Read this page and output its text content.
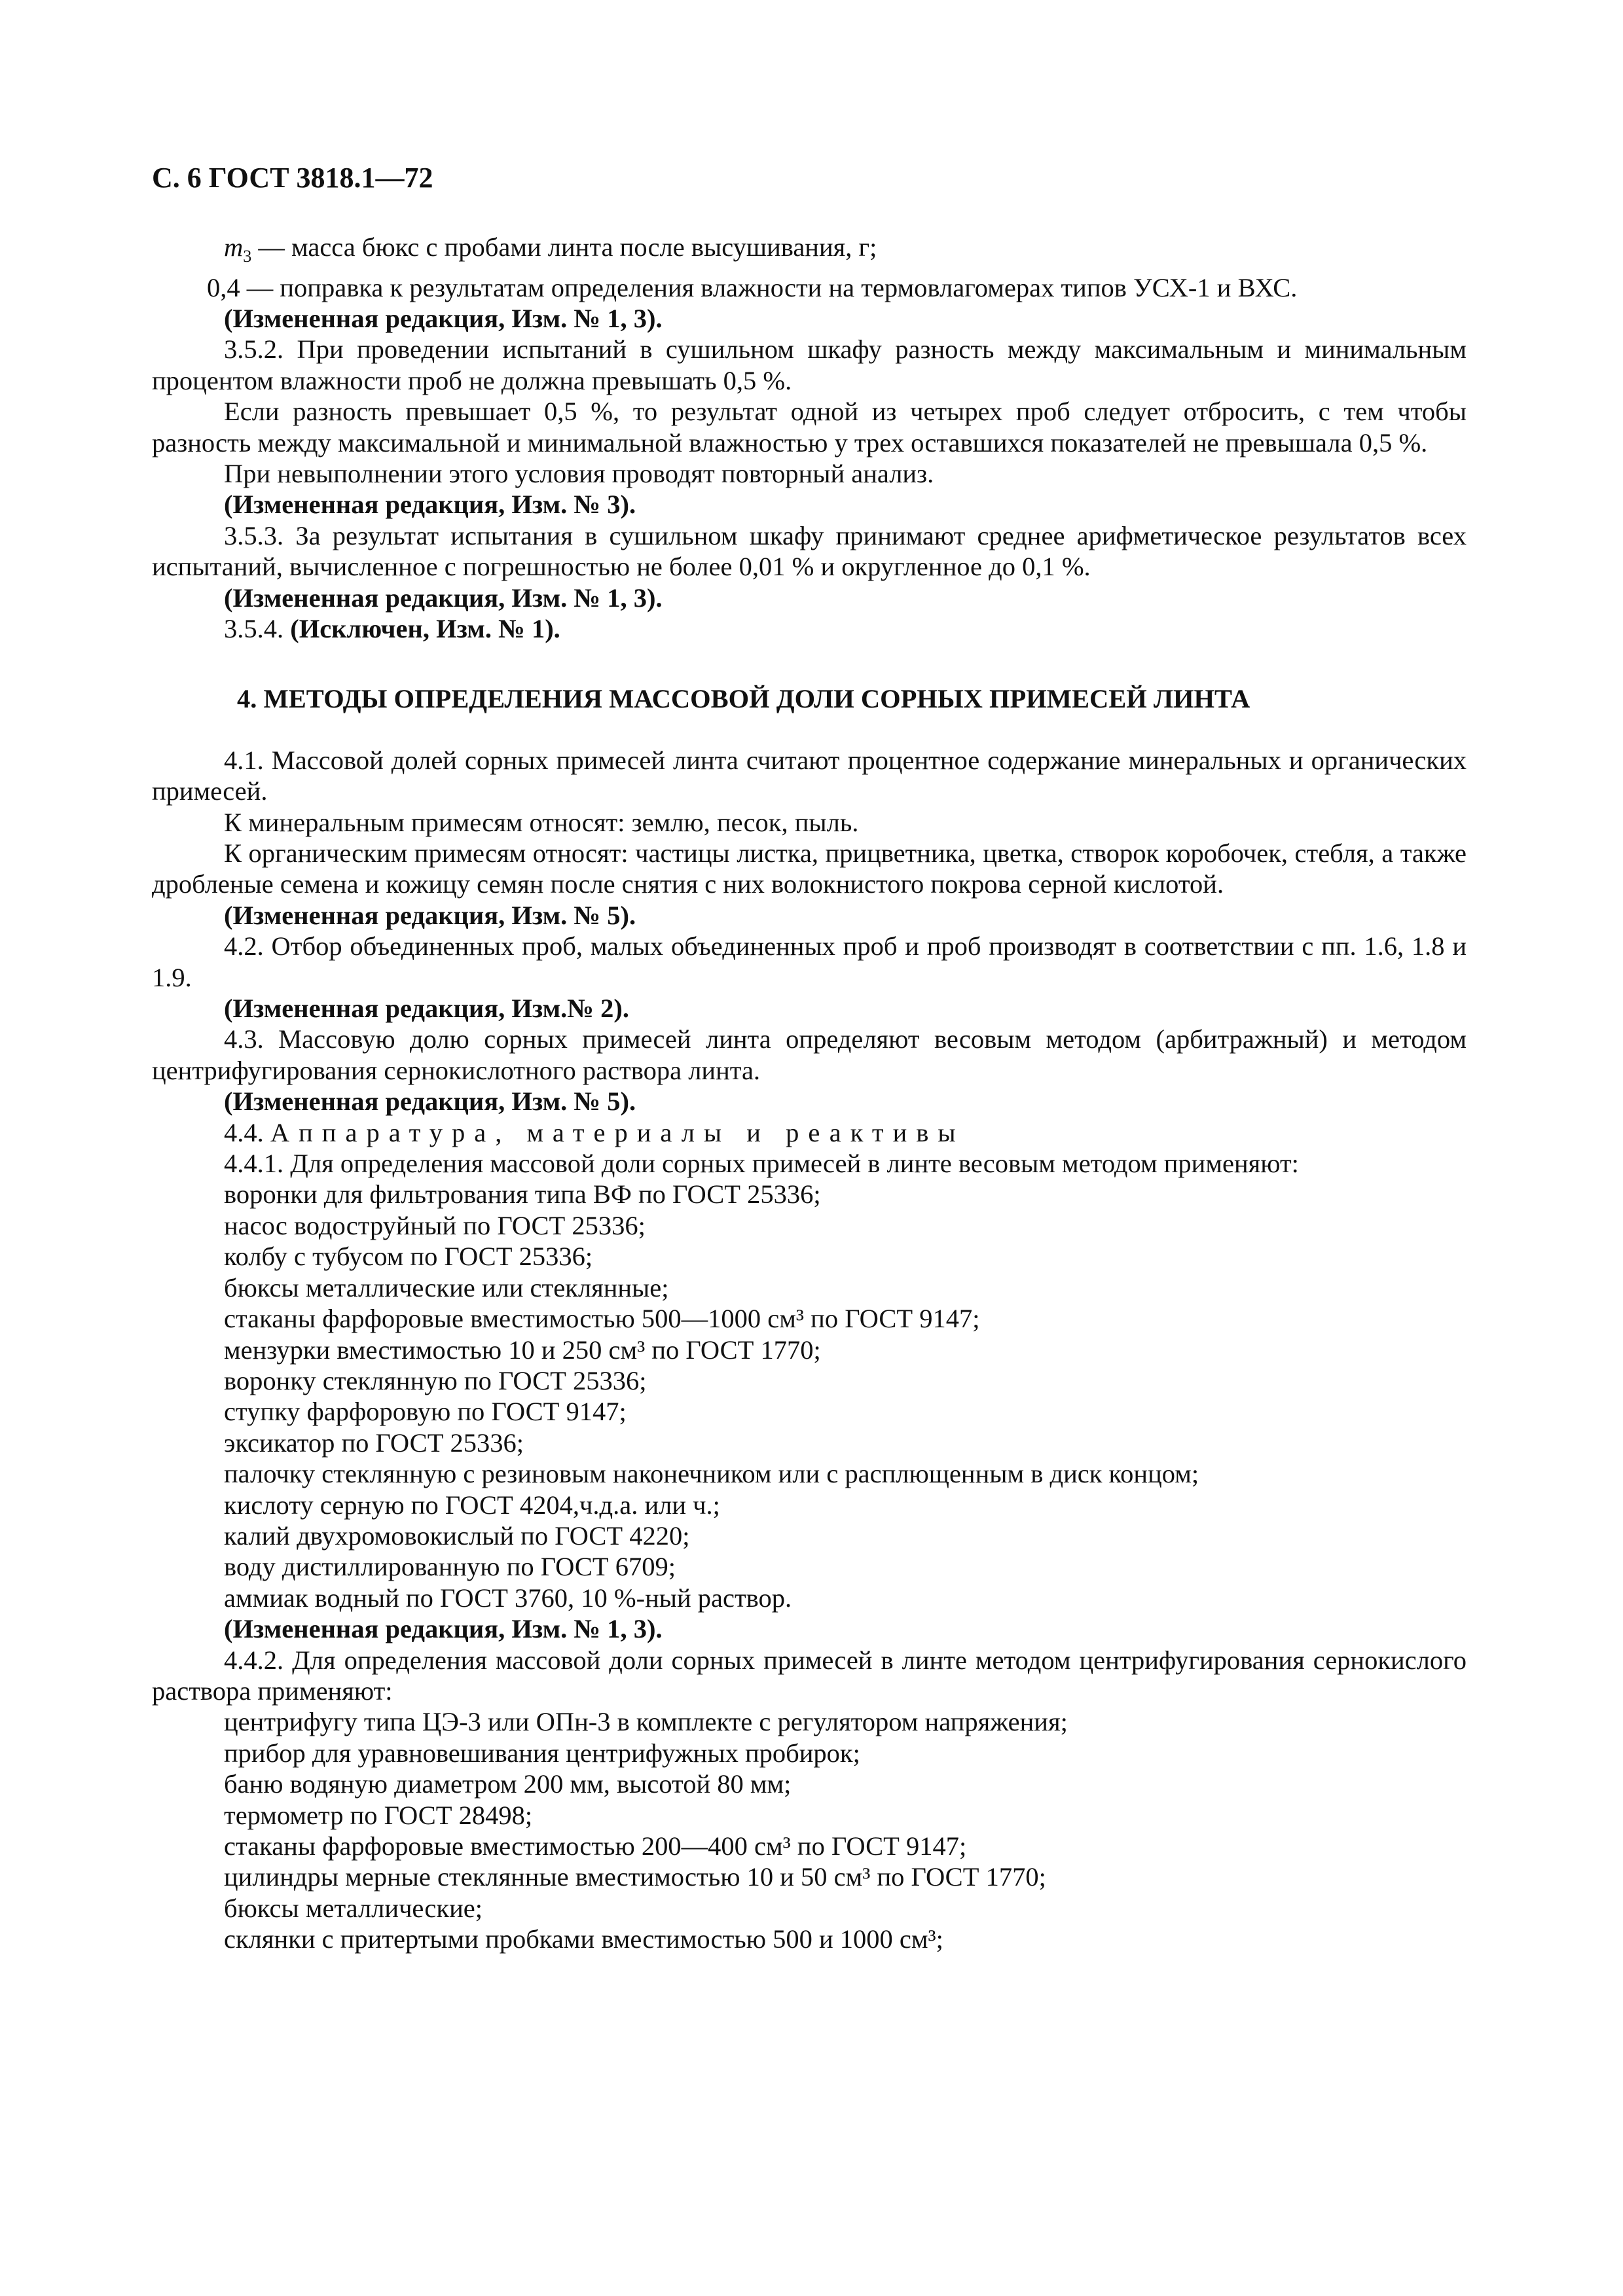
С. 6 ГОСТ 3818.1—72
$m_3$ — масса бюкс с пробами линта после высушивания, г;
0,4 — поправка к результатам определения влажности на термовлагомерах типов УСХ-1 и ВХС.
(Измененная редакция, Изм. № 1, 3).
3.5.2. При проведении испытаний в сушильном шкафу разность между максимальным и минимальным процентом влажности проб не должна превышать 0,5 %.
Если разность превышает 0,5 %, то результат одной из четырех проб следует отбросить, с тем чтобы разность между максимальной и минимальной влажностью у трех оставшихся показателей не превышала 0,5 %.
При невыполнении этого условия проводят повторный анализ.
(Измененная редакция, Изм. № 3).
3.5.3. За результат испытания в сушильном шкафу принимают среднее арифметическое результатов всех испытаний, вычисленное с погрешностью не более 0,01 % и округленное до 0,1 %.
(Измененная редакция, Изм. № 1, 3).
3.5.4. (Исключен, Изм. № 1).
4. МЕТОДЫ ОПРЕДЕЛЕНИЯ МАССОВОЙ ДОЛИ СОРНЫХ ПРИМЕСЕЙ ЛИНТА
4.1. Массовой долей сорных примесей линта считают процентное содержание минеральных и органических примесей.
К минеральным примесям относят: землю, песок, пыль.
К органическим примесям относят: частицы листка, прицветника, цветка, створок коробочек, стебля, а также дробленые семена и кожицу семян после снятия с них волокнистого покрова серной кислотой.
(Измененная редакция, Изм. № 5).
4.2. Отбор объединенных проб, малых объединенных проб и проб производят в соответствии с пп. 1.6, 1.8 и 1.9.
(Измененная редакция, Изм.№ 2).
4.3. Массовую долю сорных примесей линта определяют весовым методом (арбитражный) и методом центрифугирования сернокислотного раствора линта.
(Измененная редакция, Изм. № 5).
4.4. Аппаратура, материалы и реактивы
4.4.1. Для определения массовой доли сорных примесей в линте весовым методом применяют:
воронки для фильтрования типа ВФ по ГОСТ 25336;
насос водоструйный по ГОСТ 25336;
колбу с тубусом по ГОСТ 25336;
бюксы металлические или стеклянные;
стаканы фарфоровые вместимостью 500—1000 см³ по ГОСТ 9147;
мензурки вместимостью 10 и 250 см³ по ГОСТ 1770;
воронку стеклянную по ГОСТ 25336;
ступку фарфоровую по ГОСТ 9147;
эксикатор по ГОСТ 25336;
палочку стеклянную с резиновым наконечником или с расплющенным в диск концом;
кислоту серную по ГОСТ 4204,ч.д.а. или ч.;
калий двухромовокислый по ГОСТ 4220;
воду дистиллированную по ГОСТ 6709;
аммиак водный по ГОСТ 3760, 10 %-ный раствор.
(Измененная редакция, Изм. № 1, 3).
4.4.2. Для определения массовой доли сорных примесей в линте методом центрифугирования сернокислого раствора применяют:
центрифугу типа ЦЭ-3 или ОПн-3 в комплекте с регулятором напряжения;
прибор для уравновешивания центрифужных пробирок;
баню водяную диаметром 200 мм, высотой 80 мм;
термометр по ГОСТ 28498;
стаканы фарфоровые вместимостью 200—400 см³ по ГОСТ 9147;
цилиндры мерные стеклянные вместимостью 10 и 50 см³ по ГОСТ 1770;
бюксы металлические;
склянки с притертыми пробками вместимостью 500 и 1000 см³;
